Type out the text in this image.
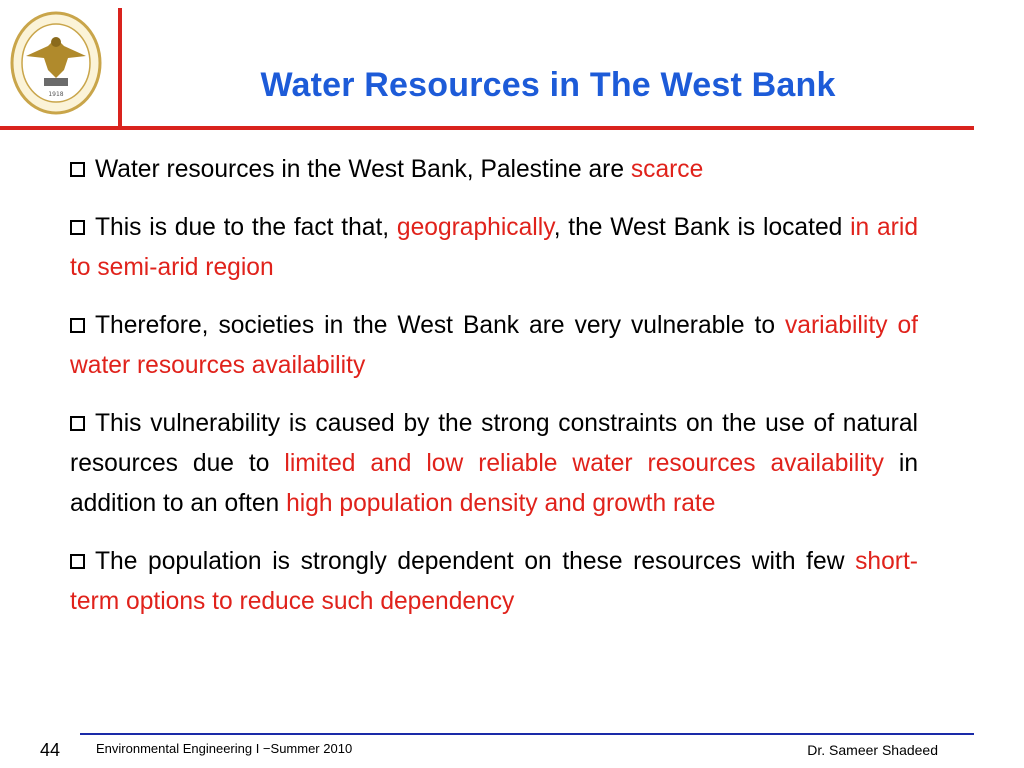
1918	Water Resources in The West Bank
Water resources in the West Bank, Palestine are scarce
This is due to the fact that, geographically, the West Bank is located in arid to semi-arid region
Therefore, societies in the West Bank are very vulnerable to variability of water resources availability
This vulnerability is caused by the strong constraints on the use of natural resources due to limited and low reliable water resources availability in addition to an often high population density and growth rate
The population is strongly dependent on these resources with few short-term options to reduce such dependency
44	Environmental Engineering I −Summer 2010	Dr. Sameer Shadeed
